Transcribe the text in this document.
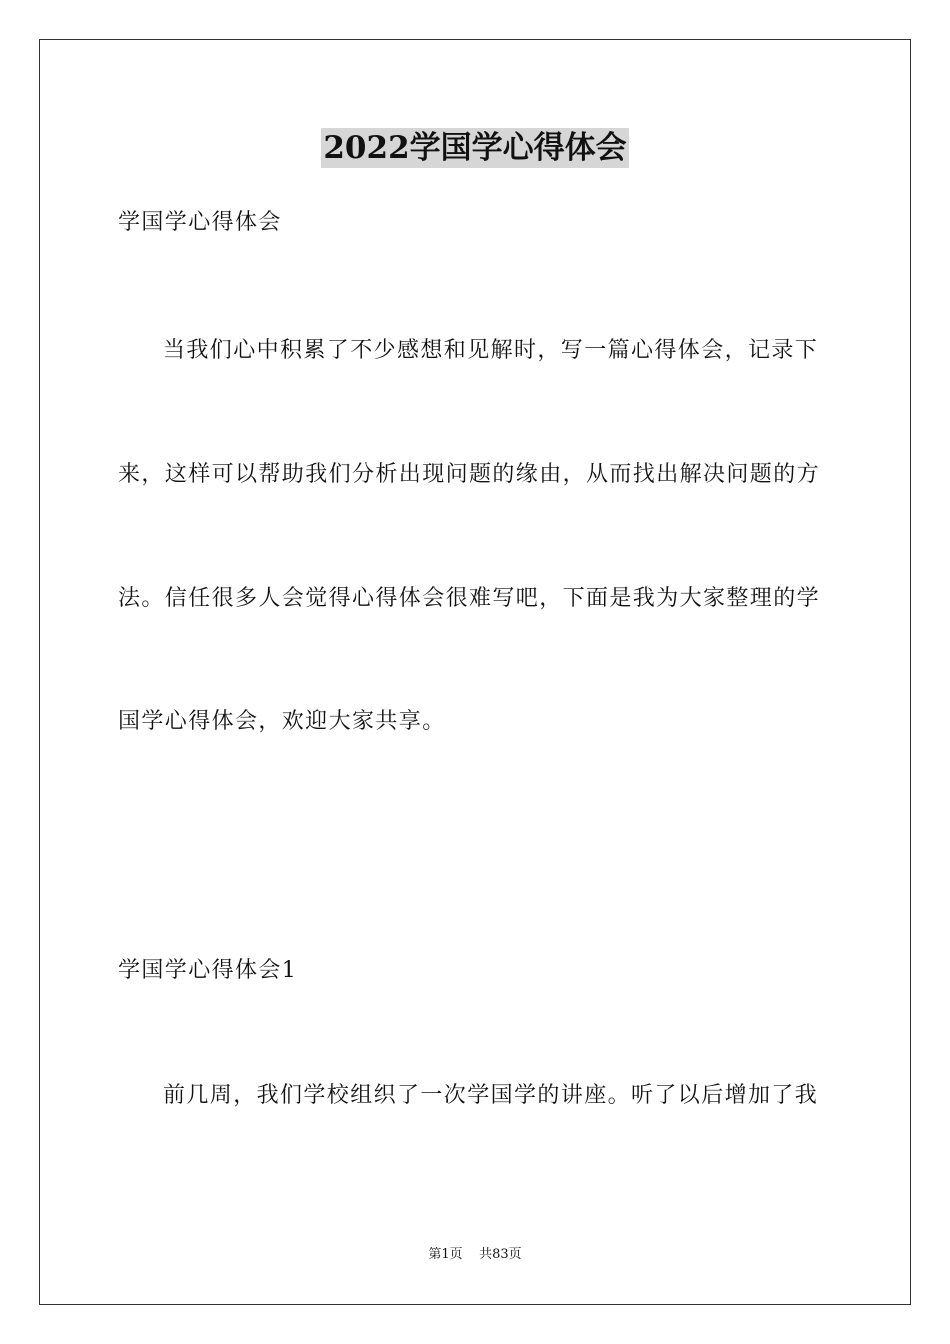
2022学国学心得体会
学国学心得体会
当我们心中积累了不少感想和见解时，写一篇心得体会，记录下
来，这样可以帮助我们分析出现问题的缘由，从而找出解决问题的方
法。信任很多人会觉得心得体会很难写吧，下面是我为大家整理的学
国学心得体会，欢迎大家共享。
学国学心得体会1
前几周，我们学校组织了一次学国学的讲座。听了以后增加了我
第1页 共83页
